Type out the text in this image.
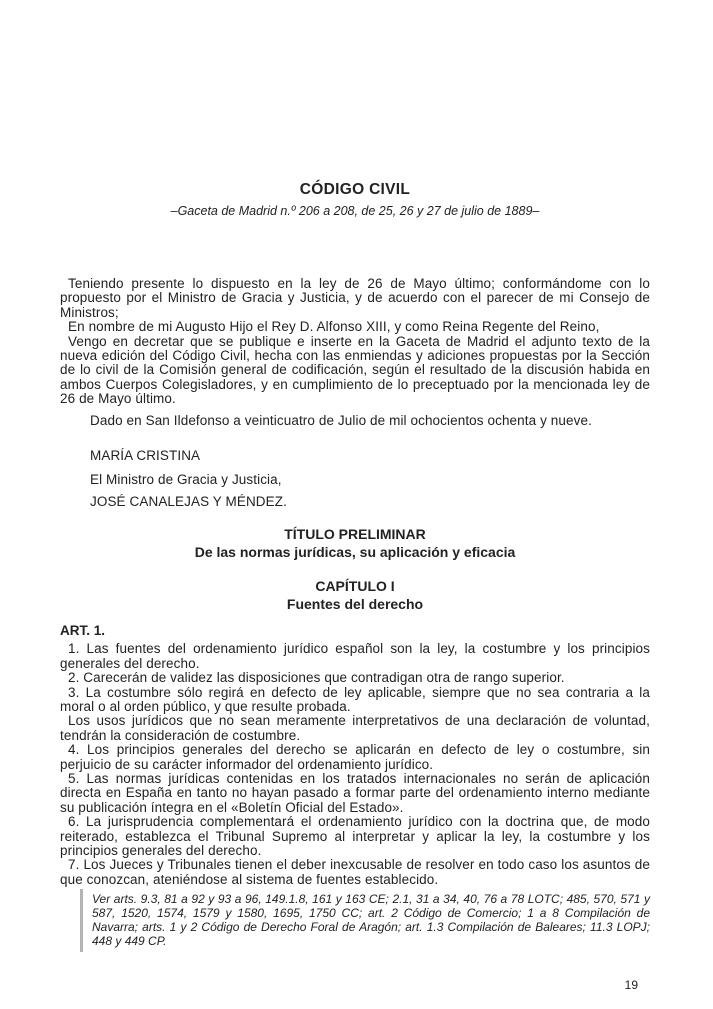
CÓDIGO CIVIL
–Gaceta de Madrid n.º 206 a 208, de 25, 26 y 27 de julio de 1889–

Teniendo presente lo dispuesto en la ley de 26 de Mayo último; conformándome con lo propuesto por el Ministro de Gracia y Justicia, y de acuerdo con el parecer de mi Consejo de Ministros;

En nombre de mi Augusto Hijo el Rey D. Alfonso XIII, y como Reina Regente del Reino,

Vengo en decretar que se publique e inserte en la Gaceta de Madrid el adjunto texto de la nueva edición del Código Civil, hecha con las enmiendas y adiciones propuestas por la Sección de lo civil de la Comisión general de codificación, según el resultado de la discusión habida en ambos Cuerpos Colegisladores, y en cumplimiento de lo preceptuado por la mencionada ley de 26 de Mayo último.

Dado en San Ildefonso a veinticuatro de Julio de mil ochocientos ochenta y nueve.

MARÍA CRISTINA

El Ministro de Gracia y Justicia,

JOSÉ CANALEJAS Y MÉNDEZ.

TÍTULO PRELIMINAR
De las normas jurídicas, su aplicación y eficacia
CAPÍTULO I
Fuentes del derecho
ART. 1.

1. Las fuentes del ordenamiento jurídico español son la ley, la costumbre y los principios generales del derecho.

2. Carecerán de validez las disposiciones que contradigan otra de rango superior.

3. La costumbre sólo regirá en defecto de ley aplicable, siempre que no sea contraria a la moral o al orden público, y que resulte probada.

Los usos jurídicos que no sean meramente interpretativos de una declaración de voluntad, tendrán la consideración de costumbre.

4. Los principios generales del derecho se aplicarán en defecto de ley o costumbre, sin perjuicio de su carácter informador del ordenamiento jurídico.

5. Las normas jurídicas contenidas en los tratados internacionales no serán de aplicación directa en España en tanto no hayan pasado a formar parte del ordenamiento interno mediante su publicación íntegra en el «Boletín Oficial del Estado».

6. La jurisprudencia complementará el ordenamiento jurídico con la doctrina que, de modo reiterado, establezca el Tribunal Supremo al interpretar y aplicar la ley, la costumbre y los principios generales del derecho.

7. Los Jueces y Tribunales tienen el deber inexcusable de resolver en todo caso los asuntos de que conozcan, ateniéndose al sistema de fuentes establecido.

Ver arts. 9.3, 81 a 92 y 93 a 96, 149.1.8, 161 y 163 CE; 2.1, 31 a 34, 40, 76 a 78 LOTC; 485, 570, 571 y 587, 1520, 1574, 1579 y 1580, 1695, 1750 CC; art. 2 Código de Comercio; 1 a 8 Compilación de Navarra; arts. 1 y 2 Código de Derecho Foral de Aragón; art. 1.3 Compilación de Baleares; 11.3 LOPJ; 448 y 449 CP.
19
